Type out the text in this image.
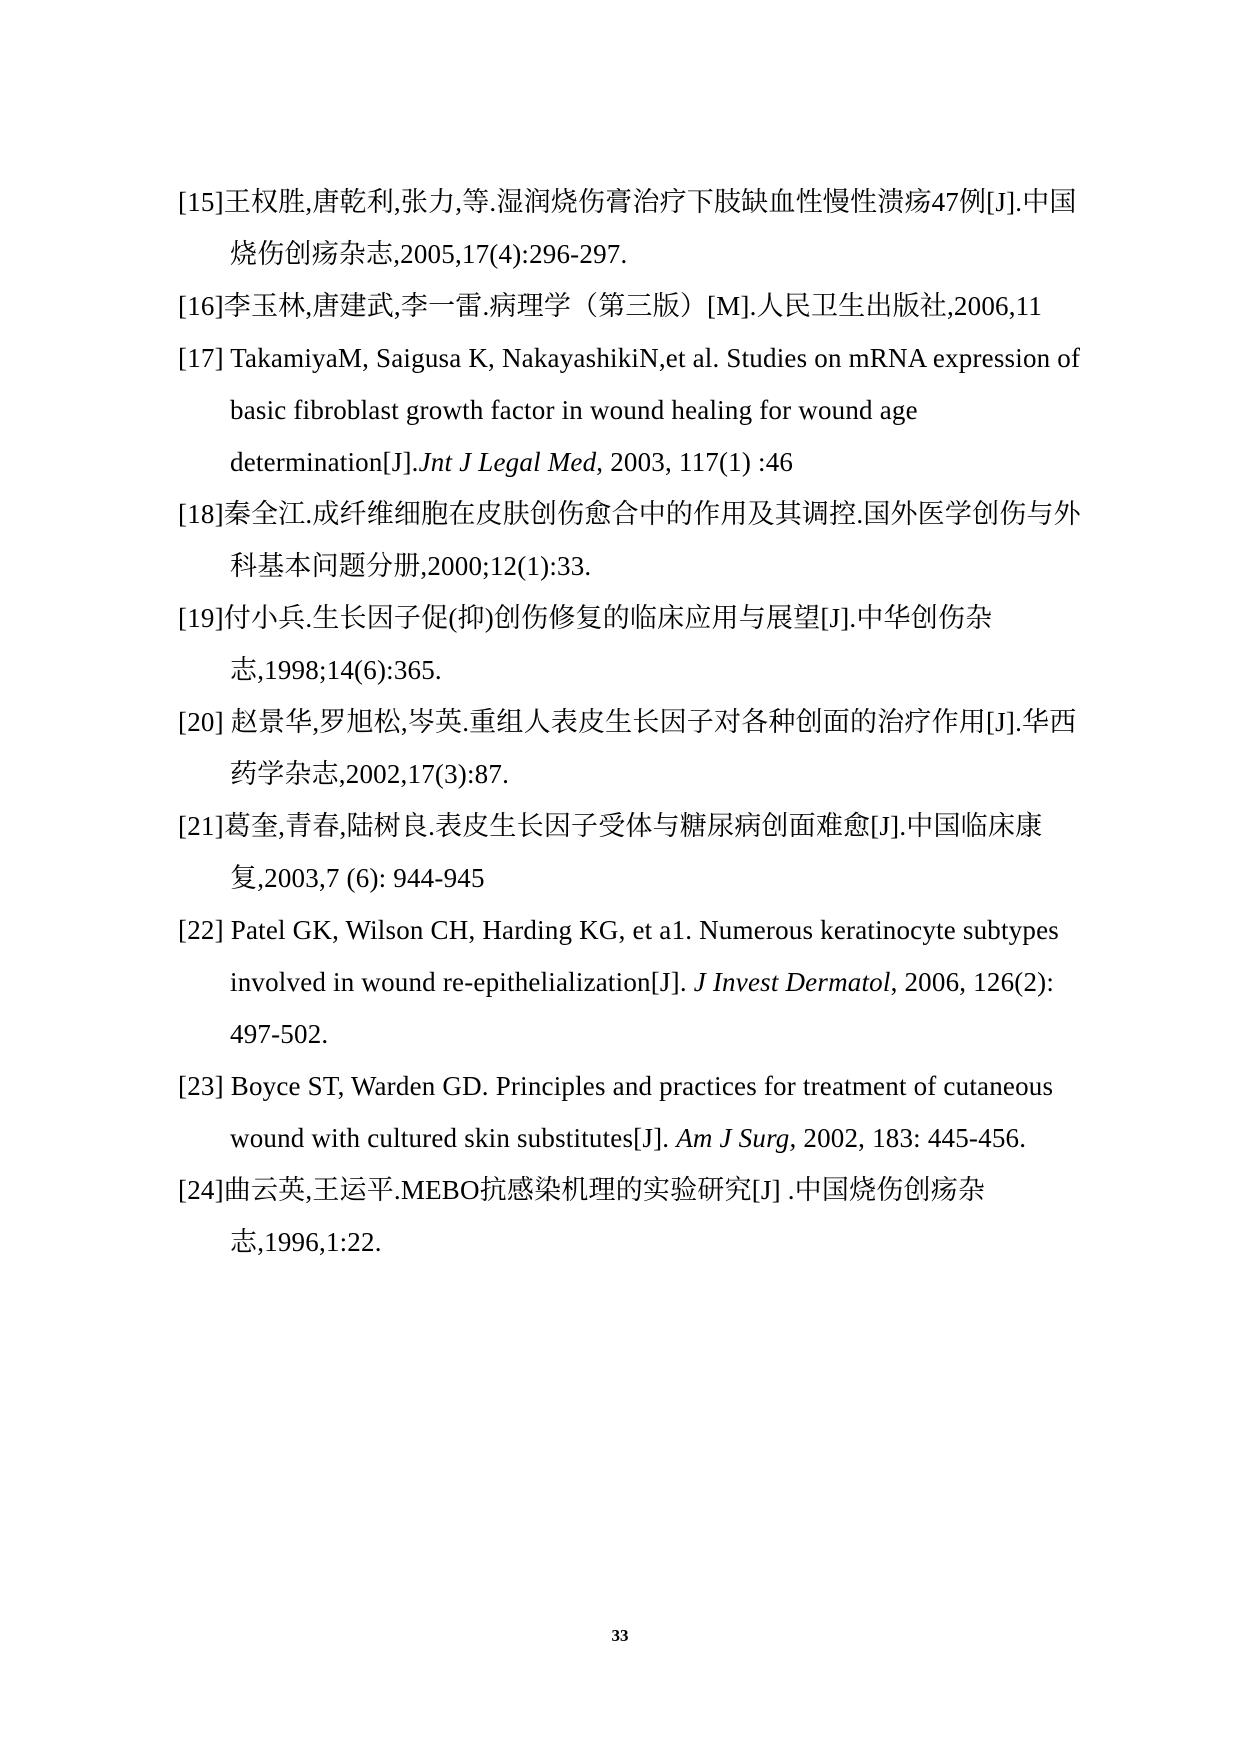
[15]王权胜,唐乾利,张力,等.湿润烧伤膏治疗下肢缺血性慢性溃疡47例[J].中国烧伤创疡杂志,2005,17(4):296-297.
[16]李玉林,唐建武,李一雷.病理学（第三版）[M].人民卫生出版社,2006,11
[17] TakamiyaM, Saigusa K, NakayashikiN,et al. Studies on mRNA expression of basic fibroblast growth factor in wound healing for wound age determination[J].Jnt J Legal Med, 2003, 117(1) :46
[18]秦全江.成纤维细胞在皮肤创伤愈合中的作用及其调控.国外医学创伤与外科基本问题分册,2000;12(1):33.
[19]付小兵.生长因子促(抑)创伤修复的临床应用与展望[J].中华创伤杂志,1998;14(6):365.
[20] 赵景华,罗旭松,岑英.重组人表皮生长因子对各种创面的治疗作用[J].华西药学杂志,2002,17(3):87.
[21]葛奎,青春,陆树良.表皮生长因子受体与糖尿病创面难愈[J].中国临床康复,2003,7 (6): 944-945
[22] Patel GK, Wilson CH, Harding KG, et a1. Numerous keratinocyte subtypes involved in wound re-epithelialization[J]. J Invest Dermatol, 2006, 126(2): 497-502.
[23] Boyce ST, Warden GD. Principles and practices for treatment of cutaneous wound with cultured skin substitutes[J]. Am J Surg, 2002, 183: 445-456.
[24]曲云英,王运平.MEBO抗感染机理的实验研究[J] .中国烧伤创疡杂志,1996,1:22.
33
